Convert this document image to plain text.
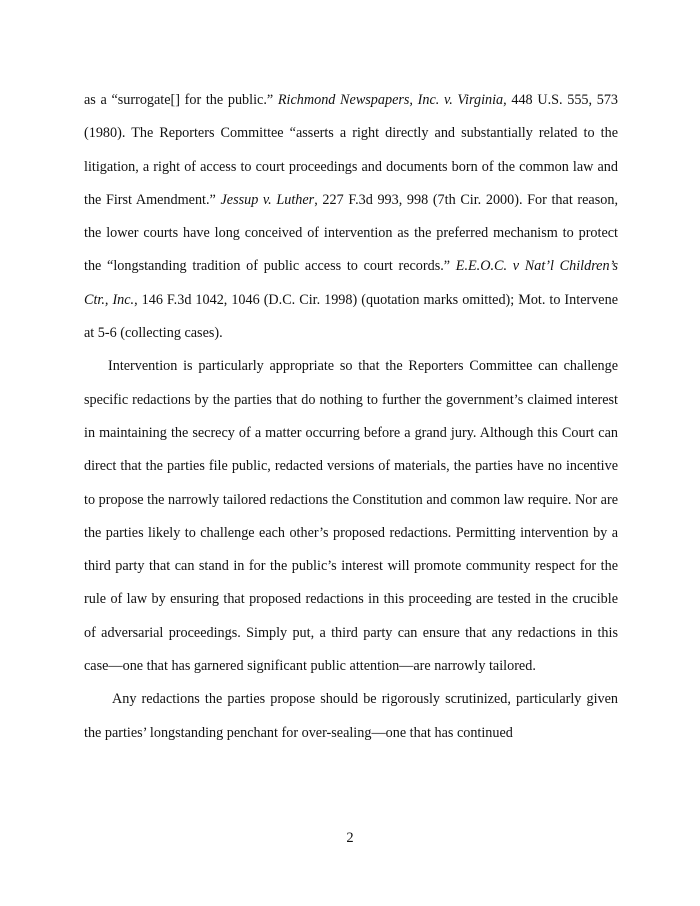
as a “surrogate[] for the public.” Richmond Newspapers, Inc. v. Virginia, 448 U.S. 555, 573 (1980). The Reporters Committee “asserts a right directly and substantially related to the litigation, a right of access to court proceedings and documents born of the common law and the First Amendment.” Jessup v. Luther, 227 F.3d 993, 998 (7th Cir. 2000). For that reason, the lower courts have long conceived of intervention as the preferred mechanism to protect the “longstanding tradition of public access to court records.” E.E.O.C. v Nat’l Children’s Ctr., Inc., 146 F.3d 1042, 1046 (D.C. Cir. 1998) (quotation marks omitted); Mot. to Intervene at 5-6 (collecting cases).

Intervention is particularly appropriate so that the Reporters Committee can challenge specific redactions by the parties that do nothing to further the government’s claimed interest in maintaining the secrecy of a matter occurring before a grand jury. Although this Court can direct that the parties file public, redacted versions of materials, the parties have no incentive to propose the narrowly tailored redactions the Constitution and common law require. Nor are the parties likely to challenge each other’s proposed redactions. Permitting intervention by a third party that can stand in for the public’s interest will promote community respect for the rule of law by ensuring that proposed redactions in this proceeding are tested in the crucible of adversarial proceedings. Simply put, a third party can ensure that any redactions in this case—one that has garnered significant public attention—are narrowly tailored.

Any redactions the parties propose should be rigorously scrutinized, particularly given the parties’ longstanding penchant for over-sealing—one that has continued

2
